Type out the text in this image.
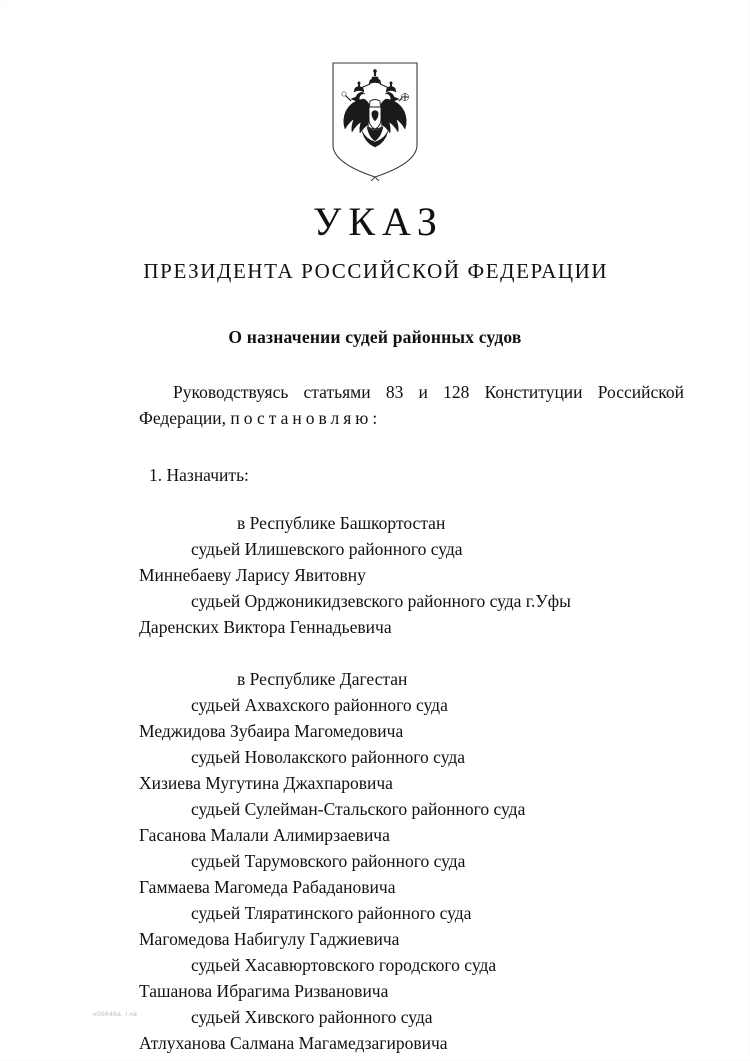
УКАЗ
ПРЕЗИДЕНТА РОССИЙСКОЙ ФЕДЕРАЦИИ
О назначении судей районных судов

Руководствуясь статьями 83 и 128 Конституции Российской Федерации, постановляю:

1. Назначить:

в Республике Башкортостан

судьей Илишевского районного суда

Миннебаеву Ларису Явитовну

судьей Орджоникидзевского районного суда г.Уфы

Даренских Виктора Геннадьевича

в Республике Дагестан

судьей Ахвахского районного суда

Меджидова Зубаира Магомедовича

судьей Новолакского районного суда

Хизиева Мугутина Джахпаровича

судьей Сулейман-Стальского районного суда

Гасанова Малали Алимирзаевича

судьей Тарумовского районного суда

Гаммаева Магомеда Рабадановича

судьей Тляратинского районного суда

Магомедова Набигулу Гаджиевича

судьей Хасавюртовского городского суда

Ташанова Ибрагима Ризвановича

судьей Хивского районного суда

Атлуханова Салмана Магамедзагировича

н05646а. i.чв
